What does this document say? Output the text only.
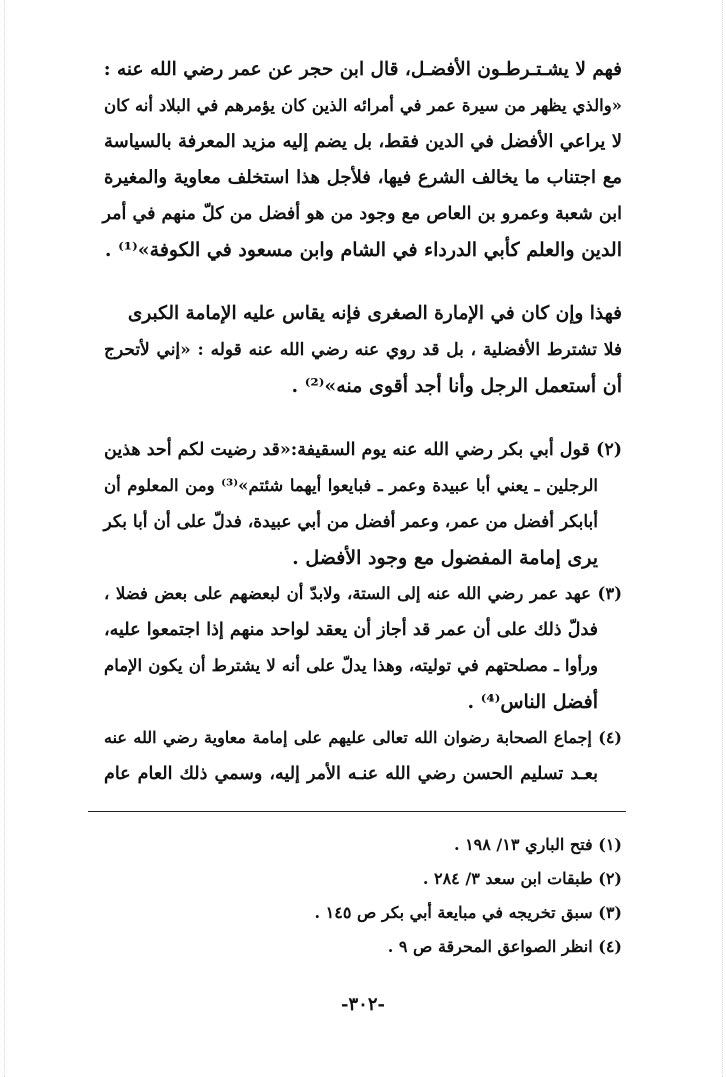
فهم لا يشـتـرطـون الأفضـل، قال ابن حجر عن عمر رضي الله عنه :
«والذي يظهر من سيرة عمر في أمرائه الذين كان يؤمرهم في البلاد أنه كان
لا يراعي الأفضل في الدين فقط، بل يضم إليه مزيد المعرفة بالسياسة
مع اجتناب ما يخالف الشرع فيها، فلأجل هذا استخلف معاوية والمغيرة
ابن شعبة وعمرو بن العاص مع وجود من هو أفضل من كلّ منهم في أمر
الدين والعلم كأبي الدرداء في الشام وابن مسعود في الكوفة»⁽¹⁾ .
فهذا وإن كان في الإمارة الصغرى فإنه يقاس عليه الإمامة الكبرى
فلا تشترط الأفضلية ، بل قد روي عنه رضي الله عنه قوله : «إني لأتحرج
أن أستعمل الرجل وأنا أجد أقوى منه»⁽²⁾ .
(٢) قول أبي بكر رضي الله عنه يوم السقيفة:«قد رضيت لكم أحد هذين
الرجلين ـ يعني أبا عبيدة وعمر ـ فبايعوا أيهما شئتم»⁽³⁾ ومن المعلوم أن
أبابكر أفضل من عمر، وعمر أفضل من أبي عبيدة، فدلّ على أن أبا بكر
يرى إمامة المفضول مع وجود الأفضل .
(٣) عهد عمر رضي الله عنه إلى الستة، ولابدّ أن لبعضهم على بعض فضلا ،
فدلّ ذلك على أن عمر قد أجاز أن يعقد لواحد منهم إذا اجتمعوا عليه،
ورأوا ـ مصلحتهم في توليته، وهذا يدلّ على أنه لا يشترط أن يكون الإمام
أفضل الناس⁽⁴⁾ .
(٤) إجماع الصحابة رضوان الله تعالى عليهم على إمامة معاوية رضي الله عنه
بعـد تسليم الحسن رضي الله عنـه الأمر إليه، وسمي ذلك العام عام
(١) فتح الباري ١٣/ ١٩٨ .
(٢) طبقات ابن سعد ٣/ ٢٨٤ .
(٣) سبق تخريجه في مبايعة أبي بكر ص ١٤٥ .
(٤) انظر الصواعق المحرقة ص ٩ .
-٣٠٢-
